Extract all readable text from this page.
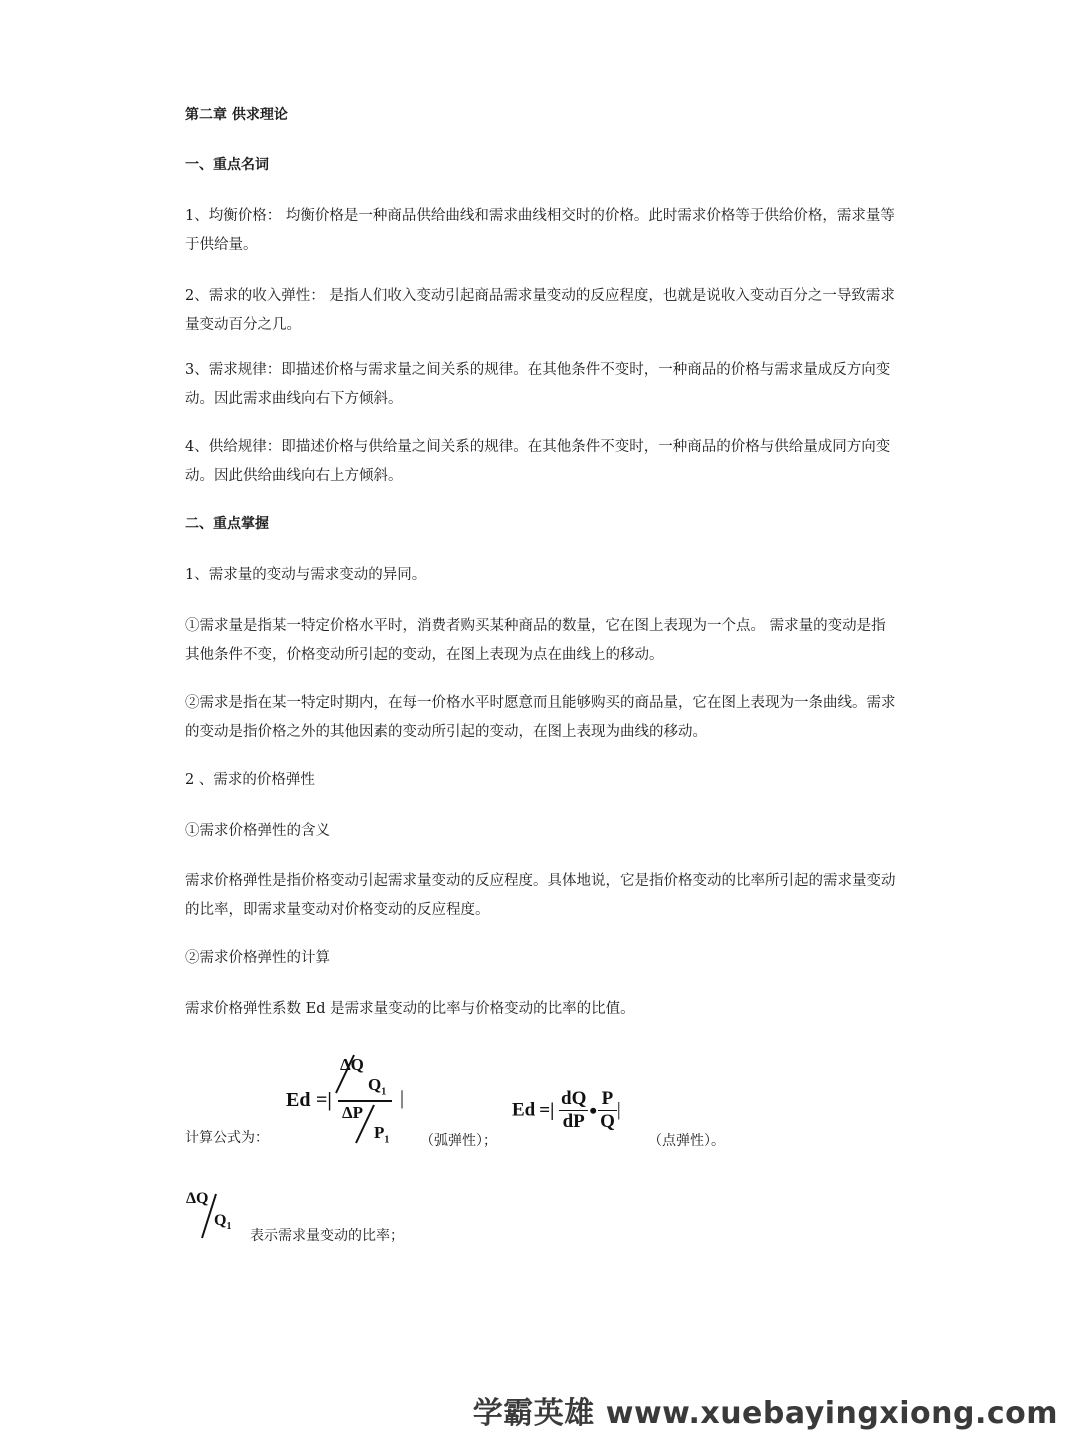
第二章 供求理论

一、重点名词

1、均衡价格： 均衡价格是一种商品供给曲线和需求曲线相交时的价格。此时需求价格等于供给价格，需求量等于供给量。

2、需求的收入弹性： 是指人们收入变动引起商品需求量变动的反应程度，也就是说收入变动百分之一导致需求量变动百分之几。

3、需求规律：即描述价格与需求量之间关系的规律。在其他条件不变时，一种商品的价格与需求量成反方向变动。因此需求曲线向右下方倾斜。

4、供给规律：即描述价格与供给量之间关系的规律。在其他条件不变时，一种商品的价格与供给量成同方向变动。因此供给曲线向右上方倾斜。

二、重点掌握

1、需求量的变动与需求变动的异同。

①需求量是指某一特定价格水平时，消费者购买某种商品的数量，它在图上表现为一个点。 需求量的变动是指其他条件不变，价格变动所引起的变动，在图上表现为点在曲线上的移动。

②需求是指在某一特定时期内，在每一价格水平时愿意而且能够购买的商品量，它在图上表现为一条曲线。需求的变动是指价格之外的其他因素的变动所引起的变动，在图上表现为曲线的移动。

2 、需求的价格弹性

①需求价格弹性的含义

需求价格弹性是指价格变动引起需求量变动的反应程度。具体地说，它是指价格变动的比率所引起的需求量变动的比率，即需求量变动对价格变动的反应程度。

②需求价格弹性的计算

需求价格弹性系数 Ed 是需求量变动的比率与价格变动的比率的比值。

计算公式为：
Ed =|
ΔQ
$Q_1$
ΔP
$P_1$
|
（弧弹性）；
Ed =| $\frac{dQ}{dP}$ • $\frac{P}{Q}$ |
（点弹性）。
ΔQ
$Q_1$
表示需求量变动的比率；
学霸英雄 www.xuebayingxiong.com
